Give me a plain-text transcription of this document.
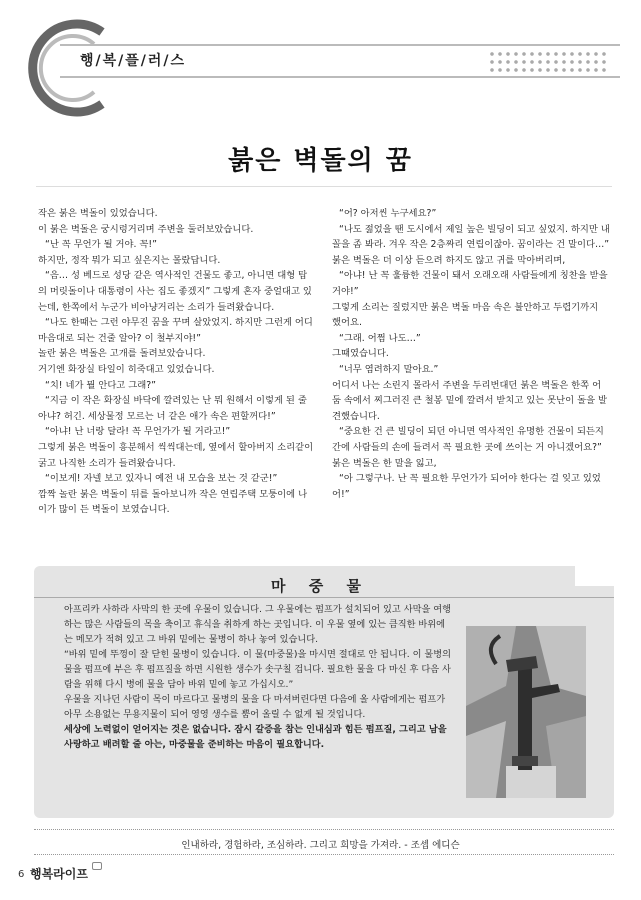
행/복/플/러/스
붉은 벽돌의 꿈

작은 붉은 벽돌이 있었습니다.

이 붉은 벽돌은 궁시렁거리며 주변을 둘러보았습니다.

“난 꼭 무언가 될 거야. 꼭!”

하지만, 정작 뭐가 되고 싶은지는 몰랐답니다.

“음… 성 베드로 성당 같은 역사적인 건물도 좋고, 아니면 대형 탑의 머릿돌이나 대통령이 사는 집도 좋겠지” 그렇게 혼자 중얼대고 있는데, 한쪽에서 누군가 비아냥거리는 소리가 들려왔습니다.

“나도 한때는 그런 야무진 꿈을 꾸며 살았었지. 하지만 그런게 어디 마음대로 되는 건줄 알아? 이 철부지야!”

놀란 붉은 벽돌은 고개를 돌려보았습니다.

거기엔 화장실 타일이 히죽대고 있었습니다.

“치! 네가 뭘 안다고 그래?”

“지금 이 작은 화장실 바닥에 깔려있는 난 뭐 원해서 이렇게 된 줄 아냐? 허긴. 세상물정 모르는 너 같은 애가 속은 편할꺼다!”

“아냐! 난 너랑 달라! 꼭 무언가가 될 거라고!”

그렇게 붉은 벽돌이 흥분해서 씩씩대는데, 옆에서 할아버지 소리같이 굵고 나직한 소리가 들려왔습니다.

“이보게! 자넬 보고 있자니 예전 내 모습을 보는 것 같군!”

깜짝 놀란 붉은 벽돌이 뒤를 돌아보니까 작은 연립주택 모퉁이에 나이가 많이 든 벽돌이 보였습니다.

“어? 아저씬 누구세요?”

“나도 젊었을 땐 도시에서 제일 높은 빌딩이 되고 싶었지. 하지만 내 꼴을 좀 봐라. 겨우 작은 2층짜리 연립이잖아. 꿈이라는 건 말이다…”

붉은 벽돌은 더 이상 듣으려 하지도 않고 귀를 막아버리며,

“아냐! 난 꼭 훌륭한 건물이 돼서 오래오래 사람들에게 칭찬을 받을 거야!”

그렇게 소리는 질렀지만 붉은 벽돌 마음 속은 불안하고 두렵기까지 했어요.

“그래. 어쩜 나도…”

그때였습니다.

“너무 염려하지 말아요.”

어디서 나는 소린지 몰라서 주변을 두리번대던 붉은 벽돌은 한쪽 어둠 속에서 찌그러진 큰 철봉 밑에 깔려서 받치고 있는 못난이 돌을 발견했습니다.

“중요한 건 큰 빌딩이 되던 아니면 역사적인 유명한 건물이 되든지 간에 사람들의 손에 들려서 꼭 필요한 곳에 쓰이는 거 아니겠어요?”

붉은 벽돌은 한 말을 잃고,

“아 그렇구나. 난 꼭 필요한 무언가가 되어야 한다는 걸 잊고 있었어!”

마 중 물

아프리카 사하라 사막의 한 곳에 우물이 있습니다. 그 우물에는 펌프가 설치되어 있고 사막을 여행하는 많은 사람들의 목을 축이고 휴식을 취하게 하는 곳입니다. 이 우물 옆에 있는 큼직한 바위에는 메모가 적혀 있고 그 바위 밑에는 물병이 하나 놓여 있습니다.

“바위 밑에 뚜껑이 잘 닫힌 물병이 있습니다. 이 물(마중물)을 마시면 절대로 안 됩니다. 이 물병의 물을 펌프에 부은 후 펌프질을 하면 시원한 생수가 솟구칠 겁니다. 필요한 물을 다 마신 후 다음 사람을 위해 다시 병에 물을 담아 바위 밑에 놓고 가십시오.”

우물을 지나던 사람이 목이 마르다고 물병의 물을 다 마셔버린다면 다음에 올 사람에게는 펌프가 아무 소용없는 무용지물이 되어 영영 생수를 뿜어 올릴 수 없게 될 것입니다.

세상에 노력없이 얻어지는 것은 없습니다. 잠시 갈증을 참는 인내심과 힘든 펌프질, 그리고 남을 사랑하고 배려할 줄 아는, 마중물을 준비하는 마음이 필요합니다.

인내하라, 경험하라, 조심하라. 그리고 희망을 가져라. - 조셉 에디슨
6 행복라이프
